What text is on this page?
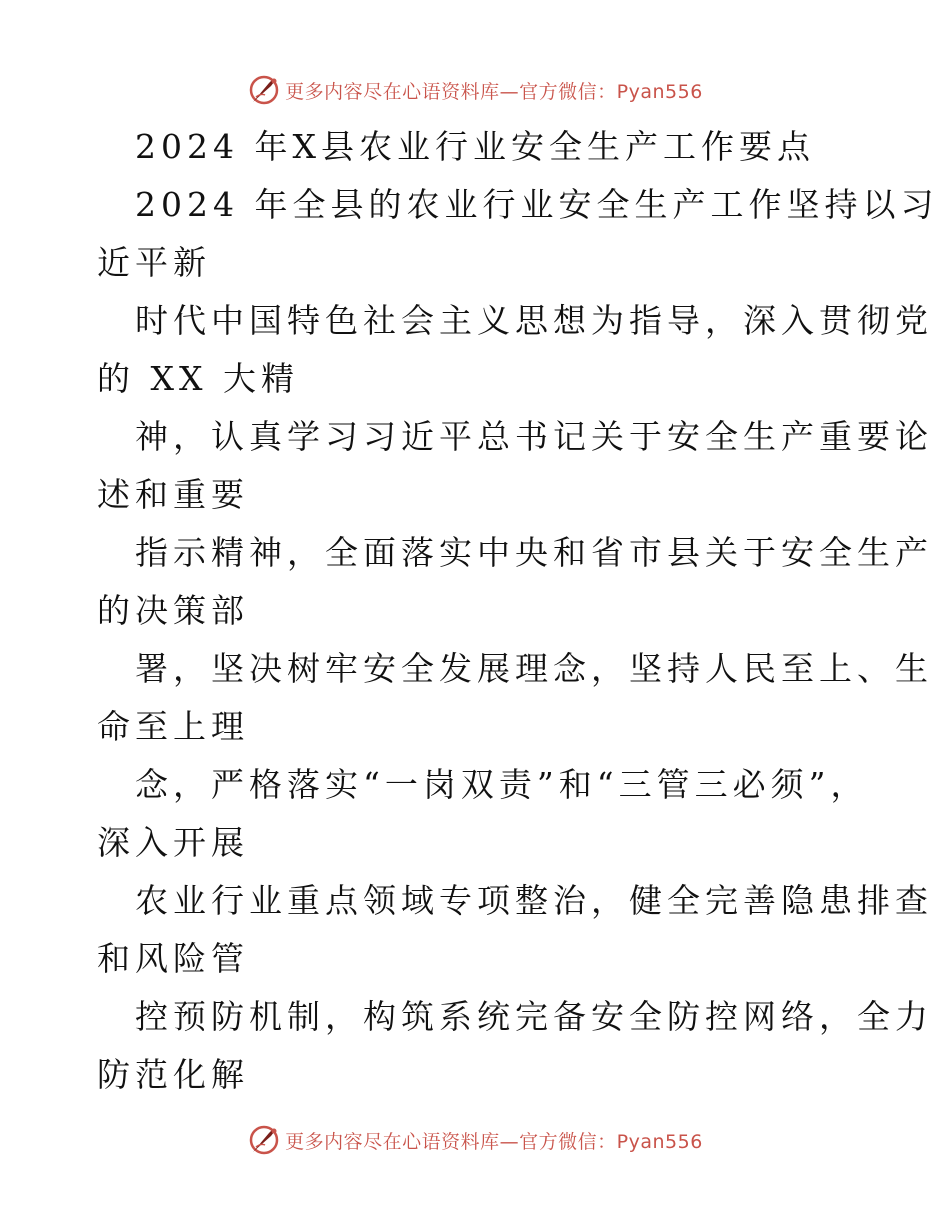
更多内容尽在心语资料库—官方微信：Pyan556
2024 年X县农业行业安全生产工作要点
2024 年全县的农业行业安全生产工作坚持以习
近平新
时代中国特色社会主义思想为指导，深入贯彻党
的 XX 大精
神，认真学习习近平总书记关于安全生产重要论
述和重要
指示精神，全面落实中央和省市县关于安全生产
的决策部
署，坚决树牢安全发展理念，坚持人民至上、生
命至上理
念，严格落实“一岗双责”和“三管三必须”，
深入开展
农业行业重点领域专项整治，健全完善隐患排查
和风险管
控预防机制，构筑系统完备安全防控网络，全力
防范化解
更多内容尽在心语资料库—官方微信：Pyan556
